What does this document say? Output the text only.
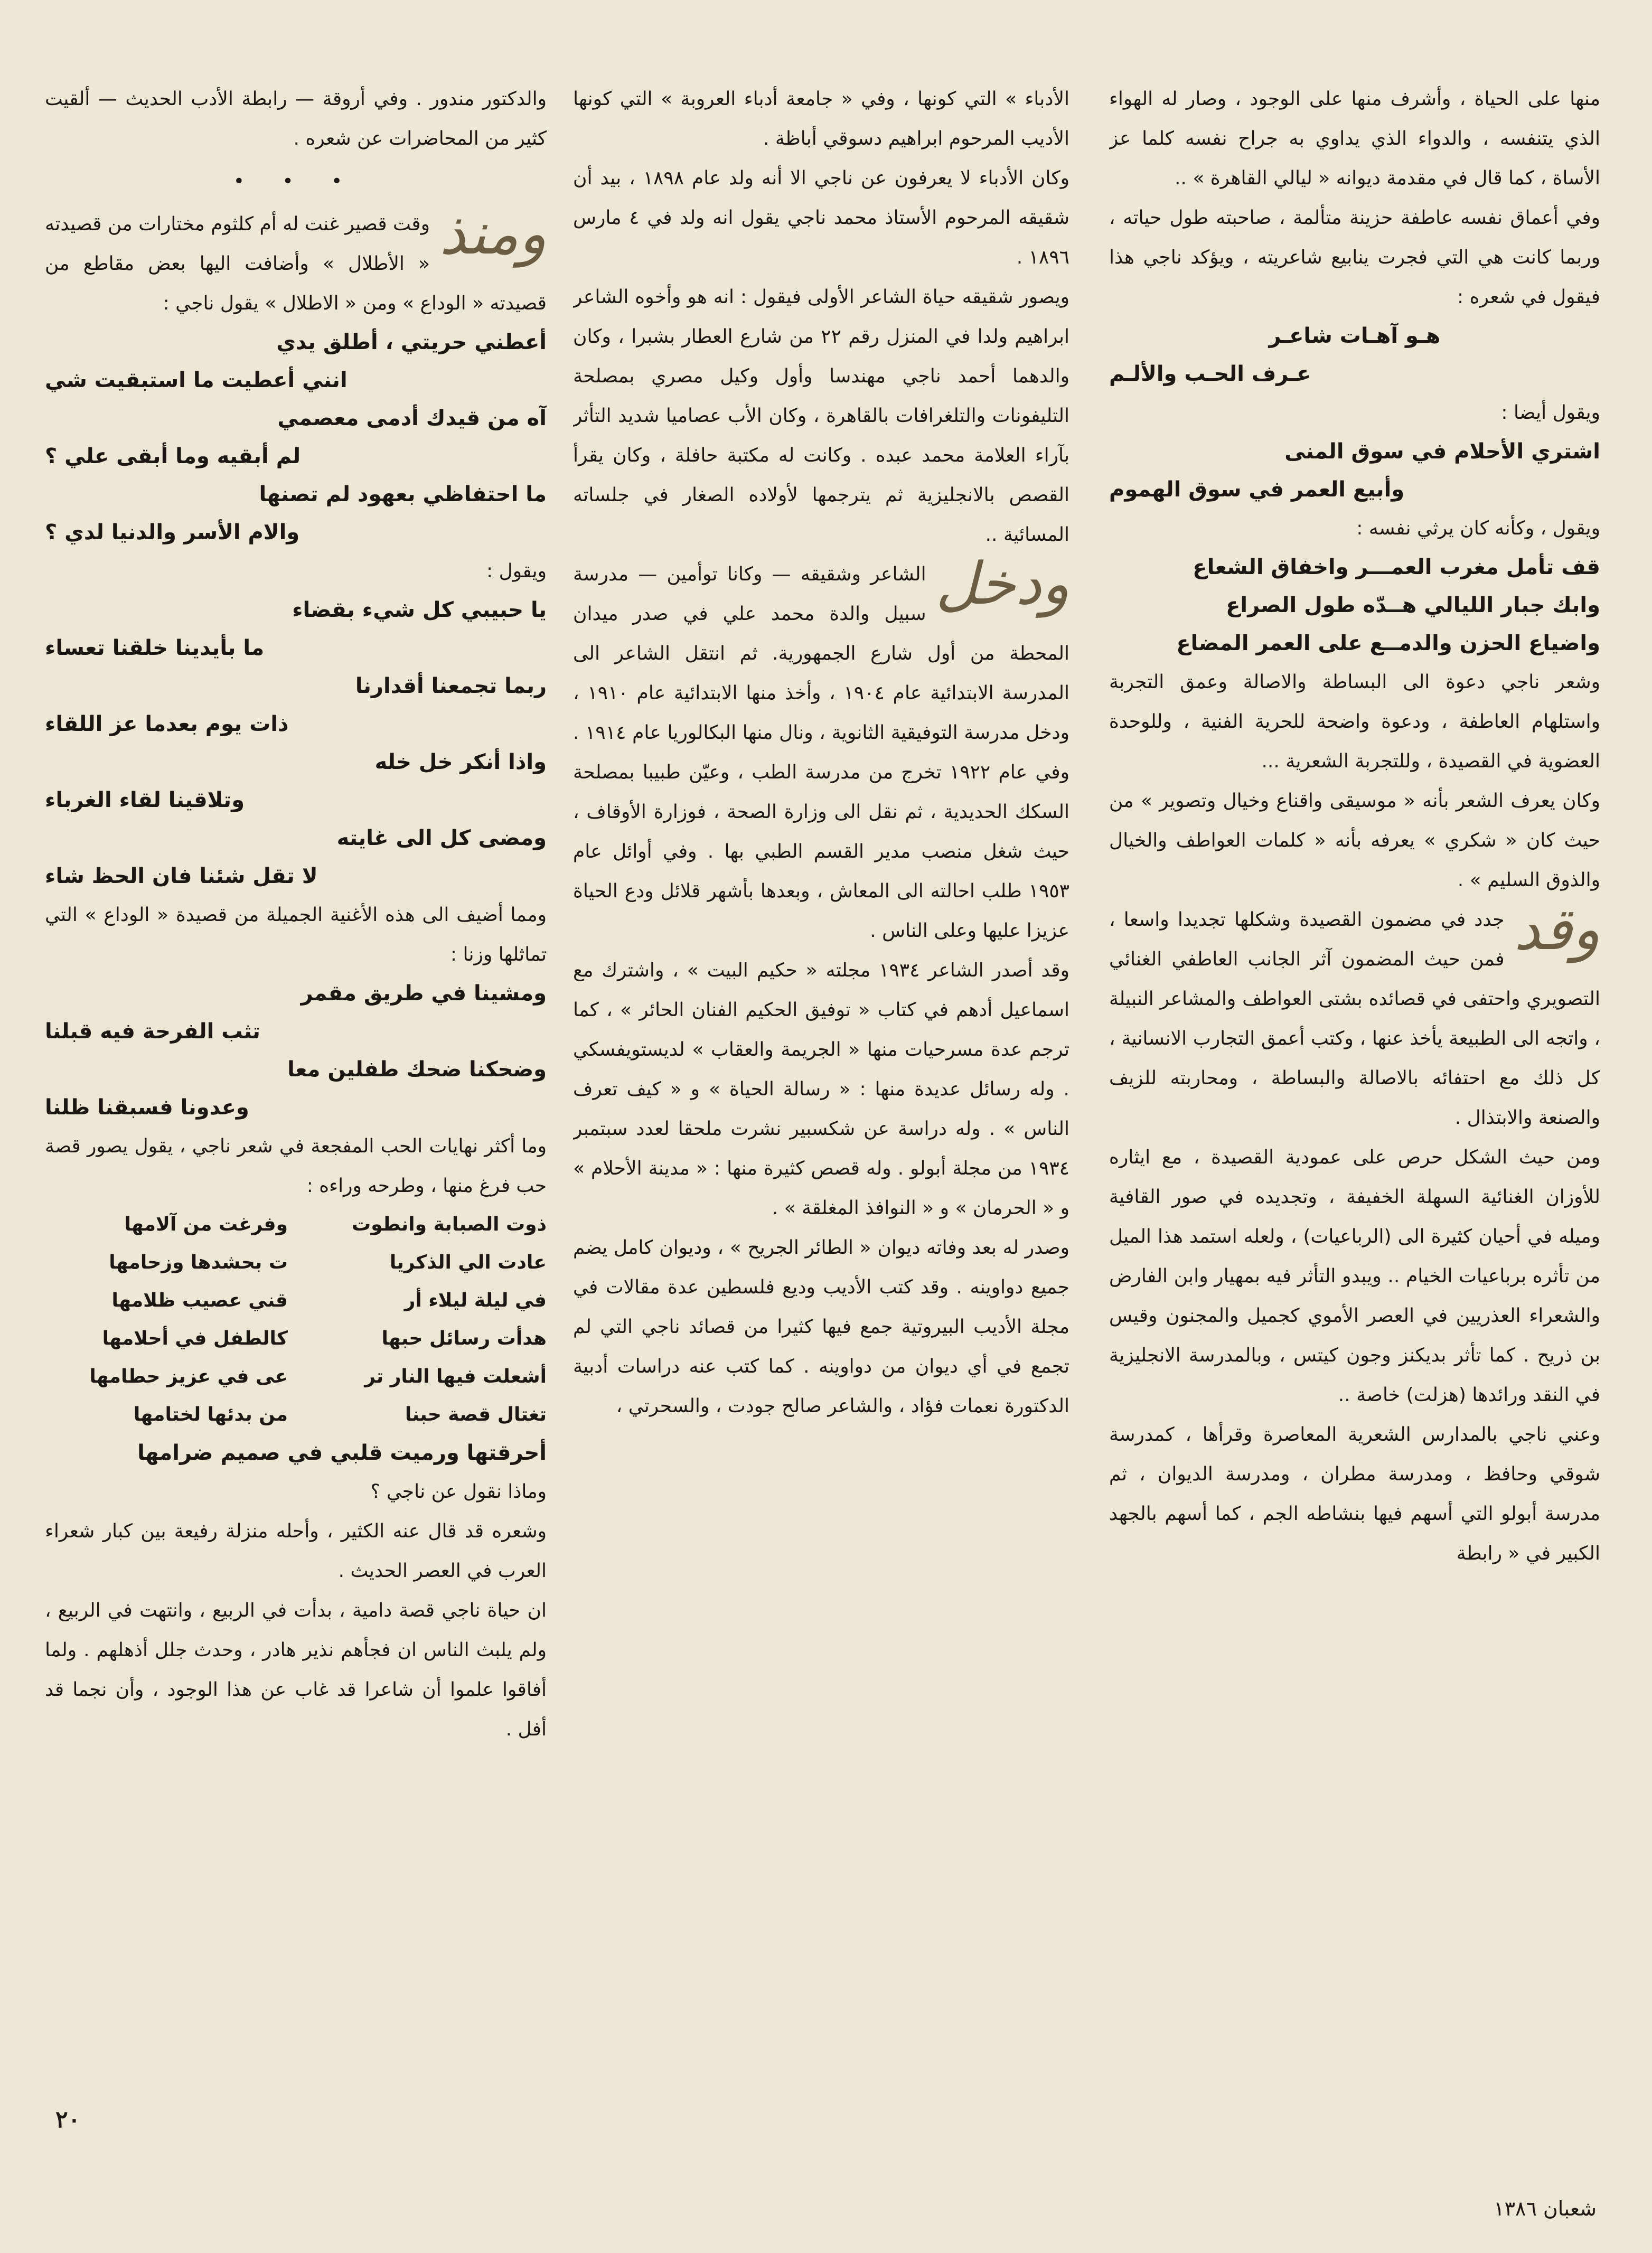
منها على الحياة ، وأشرف منها على الوجود ، وصار له الهواء الذي يتنفسه ، والدواء الذي يداوي به جراح نفسه كلما عز الأساة ، كما قال في مقدمة ديوانه « ليالي القاهرة » ..

وفي أعماق نفسه عاطفة حزينة متألمة ، صاحبته طول حياته ، وربما كانت هي التي فجرت ينابيع شاعريته ، ويؤكد ناجي هذا فيقول في شعره :

هـو آهـات شاعـر

عـرف الحـب والألـم

ويقول أيضا :

اشتري الأحلام في سوق المنى

وأبيع العمر في سوق الهموم

ويقول ، وكأنه كان يرثي نفسه :

قف تأمل مغرب العمـــر واخفاق الشعاع

وابك جبار الليالي هــدّه طول الصراع

واضياع الحزن والدمــع على العمر المضاع

وشعر ناجي دعوة الى البساطة والاصالة وعمق التجربة واستلهام العاطفة ، ودعوة واضحة للحرية الفنية ، وللوحدة العضوية في القصيدة ، وللتجربة الشعرية ...

وكان يعرف الشعر بأنه « موسيقى واقناع وخيال وتصوير » من حيث كان « شكري » يعرفه بأنه « كلمات العواطف والخيال والذوق السليم » .

وقد
جدد في مضمون القصيدة وشكلها تجديدا واسعا ، فمن حيث المضمون آثر الجانب العاطفي الغنائي التصويري واحتفى في قصائده بشتى العواطف والمشاعر النبيلة ، واتجه الى الطبيعة يأخذ عنها ، وكتب أعمق التجارب الانسانية ، كل ذلك مع احتفائه بالاصالة والبساطة ، ومحاربته للزيف والصنعة والابتذال .

ومن حيث الشكل حرص على عمودية القصيدة ، مع ايثاره للأوزان الغنائية السهلة الخفيفة ، وتجديده في صور القافية وميله في أحيان كثيرة الى (الرباعيات) ، ولعله استمد هذا الميل من تأثره برباعيات الخيام .. ويبدو التأثر فيه بمهيار وابن الفارض والشعراء العذريين في العصر الأموي كجميل والمجنون وقيس بن ذريح . كما تأثر بديكنز وجون كيتس ، وبالمدرسة الانجليزية في النقد ورائدها (هزلت) خاصة ..

وعني ناجي بالمدارس الشعرية المعاصرة وقرأها ، كمدرسة شوقي وحافظ ، ومدرسة مطران ، ومدرسة الديوان ، ثم مدرسة أبولو التي أسهم فيها بنشاطه الجم ، كما أسهم بالجهد الكبير في « رابطة

الأدباء » التي كونها ، وفي « جامعة أدباء العروبة » التي كونها الأديب المرحوم ابراهيم دسوقي أباظة .

وكان الأدباء لا يعرفون عن ناجي الا أنه ولد عام ١٨٩٨ ، بيد أن شقيقه المرحوم الأستاذ محمد ناجي يقول انه ولد في ٤ مارس ١٨٩٦ .

ويصور شقيقه حياة الشاعر الأولى فيقول : انه هو وأخوه الشاعر ابراهيم ولدا في المنزل رقم ٢٢ من شارع العطار بشبرا ، وكان والدهما أحمد ناجي مهندسا وأول وكيل مصري بمصلحة التليفونات والتلغرافات بالقاهرة ، وكان الأب عصاميا شديد التأثر بآراء العلامة محمد عبده . وكانت له مكتبة حافلة ، وكان يقرأ القصص بالانجليزية ثم يترجمها لأولاده الصغار في جلساته المسائية ..

ودخل
الشاعر وشقيقه — وكانا توأمين — مدرسة سبيل والدة محمد علي في صدر ميدان المحطة من أول شارع الجمهورية. ثم انتقل الشاعر الى المدرسة الابتدائية عام ١٩٠٤ ، وأخذ منها الابتدائية عام ١٩١٠ ، ودخل مدرسة التوفيقية الثانوية ، ونال منها البكالوريا عام ١٩١٤ . وفي عام ١٩٢٢ تخرج من مدرسة الطب ، وعيّن طبيبا بمصلحة السكك الحديدية ، ثم نقل الى وزارة الصحة ، فوزارة الأوقاف ، حيث شغل منصب مدير القسم الطبي بها . وفي أوائل عام ١٩٥٣ طلب احالته الى المعاش ، وبعدها بأشهر قلائل ودع الحياة عزيزا عليها وعلى الناس .

وقد أصدر الشاعر ١٩٣٤ مجلته « حكيم البيت » ، واشترك مع اسماعيل أدهم في كتاب « توفيق الحكيم الفنان الحائر » ، كما ترجم عدة مسرحيات منها « الجريمة والعقاب » لديستويفسكي . وله رسائل عديدة منها : « رسالة الحياة » و « كيف تعرف الناس » . وله دراسة عن شكسبير نشرت ملحقا لعدد سبتمبر ١٩٣٤ من مجلة أبولو . وله قصص كثيرة منها : « مدينة الأحلام » و « الحرمان » و « النوافذ المغلقة » .

وصدر له بعد وفاته ديوان « الطائر الجريح » ، وديوان كامل يضم جميع دواوينه . وقد كتب الأديب وديع فلسطين عدة مقالات في مجلة الأديب البيروتية جمع فيها كثيرا من قصائد ناجي التي لم تجمع في أي ديوان من دواوينه . كما كتب عنه دراسات أدبية الدكتورة نعمات فؤاد ، والشاعر صالح جودت ، والسحرتي ،

والدكتور مندور . وفي أروقة — رابطة الأدب الحديث — ألقيت كثير من المحاضرات عن شعره .

• • •

ومنذ
وقت قصير غنت له أم كلثوم مختارات من قصيدته « الأطلال » وأضافت اليها بعض مقاطع من قصيدته « الوداع » ومن « الاطلال » يقول ناجي :

أعطني حريتي ، أطلق يدي

انني أعطيت ما استبقيت شي

آه من قيدك أدمى معصمي

لم أبقيه وما أبقى علي ؟

ما احتفاظي بعهود لم تصنها

والام الأسر والدنيا لدي ؟

ويقول :

يا حبيبي كل شيء بقضاء

ما بأيدينا خلقنا تعساء

ربما تجمعنا أقدارنا

ذات يوم بعدما عز اللقاء

واذا أنكر خل خله

وتلاقينا لقاء الغرباء

ومضى كل الى غايته

لا تقل شئنا فان الحظ شاء

ومما أضيف الى هذه الأغنية الجميلة من قصيدة « الوداع » التي تماثلها وزنا :

ومشينا في طريق مقمر

تثب الفرحة فيه قبلنا

وضحكنا ضحك طفلين معا

وعدونا فسبقنا ظلنا

وما أكثر نهايات الحب المفجعة في شعر ناجي ، يقول يصور قصة حب فرغ منها ، وطرحه وراءه :

ذوت الصبابة وانطوت
وفرغت من آلامها
عادت الي الذكريا
ت بحشدها وزحامها
في ليلة ليلاء أر
قني عصيب ظلامها
هدأت رسائل حبها
كالطفل في أحلامها
أشعلت فيها النار تر
عى في عزيز حطامها
تغتال قصة حبنا
من بدئها لختامها

أحرقتها ورميت قلبي في صميم ضرامها

وماذا نقول عن ناجي ؟

وشعره قد قال عنه الكثير ، وأحله منزلة رفيعة بين كبار شعراء العرب في العصر الحديث .

ان حياة ناجي قصة دامية ، بدأت في الربيع ، وانتهت في الربيع ، ولم يلبث الناس ان فجأهم نذير هادر ، وحدث جلل أذهلهم . ولما أفاقوا علموا أن شاعرا قد غاب عن هذا الوجود ، وأن نجما قد أفل .

٢٠
شعبان ١٣٨٦
